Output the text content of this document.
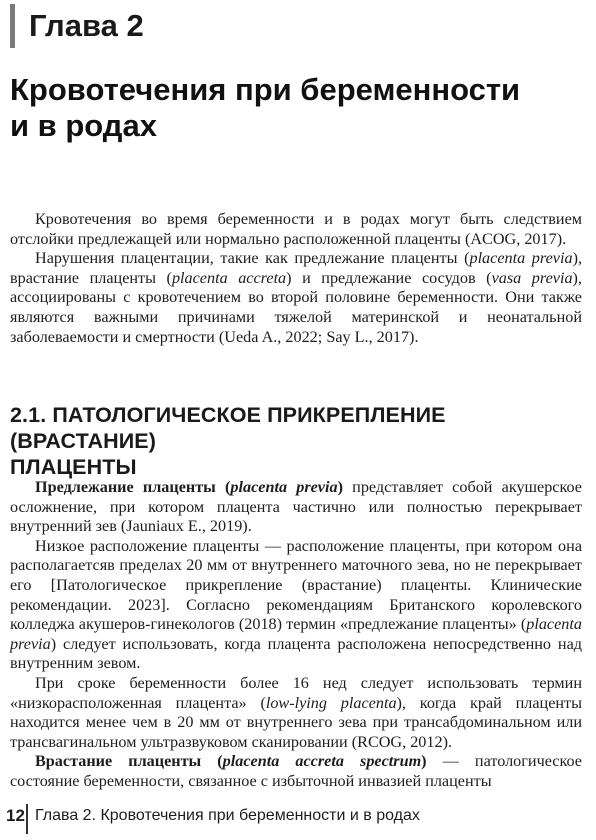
Глава 2
Кровотечения при беременности
и в родах

Кровотечения во время беременности и в родах могут быть следствием отслойки предлежащей или нормально расположенной плаценты (ACOG, 2017).

Нарушения плацентации, такие как предлежание плаценты (placenta previa), врастание плаценты (placenta accreta) и предлежание сосудов (vasa previa), ассоциированы с кровотечением во второй половине беременности. Они также являются важными причинами тяжелой материнской и неонатальной заболеваемости и смертности (Ueda A., 2022; Say L., 2017).

2.1. ПАТОЛОГИЧЕСКОЕ ПРИКРЕПЛЕНИЕ (ВРАСТАНИЕ)
ПЛАЦЕНТЫ

Предлежание плаценты (placenta previa) представляет собой акушерское осложнение, при котором плацента частично или полностью перекрывает внутренний зев (Jauniaux E., 2019).

Низкое расположение плаценты — расположение плаценты, при котором она располагаетсяв пределах 20 мм от внутреннего маточного зева, но не перекрывает его [Патологическое прикрепление (врастание) плаценты. Клинические рекомендации. 2023]. Согласно рекомендациям Британского королевского колледжа акушеров-гинекологов (2018) термин «предлежание плаценты» (placenta previa) следует использовать, когда плацента расположена непосредственно над внутренним зевом.

При сроке беременности более 16 нед следует использовать термин «низкорасположенная плацента» (low-lying placenta), когда край плаценты находится менее чем в 20 мм от внутреннего зева при трансабдоминальном или трансвагинальном ультразвуковом сканировании (RCOG, 2012).

Врастание плаценты (placenta accreta spectrum) — патологическое состояние беременности, связанное с избыточной инвазией плаценты

12 Глава 2. Кровотечения при беременности и в родах
